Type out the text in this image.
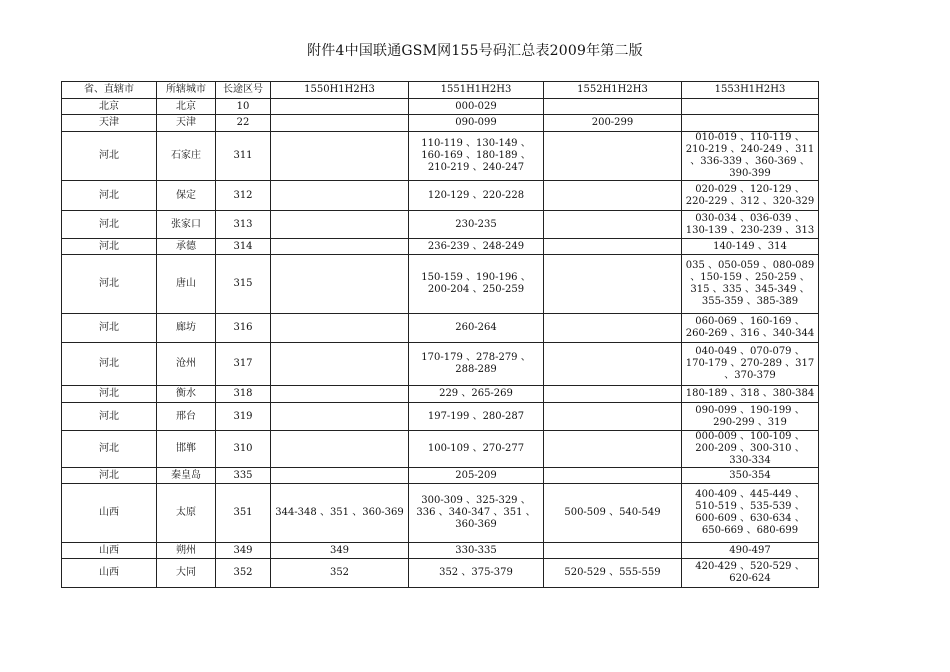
附件4中国联通GSM网155号码汇总表2009年第二版
省、直辖市	所辖城市	长途区号	1550H1H2H3	1551H1H2H3	1552H1H2H3	1553H1H2H3
北京	北京	10		000-029		
天津	天津	22		090-099	200-299	
河北	石家庄	311		110-119 、130-149 、160-169 、180-189 、210-219 、240-247		010-019 、110-119 、210-219 、240-249 、311 、336-339 、360-369 、390-399
河北	保定	312		120-129 、220-228		020-029 、120-129 、220-229 、312 、320-329
河北	张家口	313		230-235		030-034 、036-039 、130-139 、230-239 、313
河北	承德	314		236-239 、248-249		140-149 、314
河北	唐山	315		150-159 、190-196 、200-204 、250-259		035 、050-059 、080-089 、150-159 、250-259 、315 、335 、345-349 、355-359 、385-389
河北	廊坊	316		260-264		060-069 、160-169 、260-269 、316 、340-344
河北	沧州	317		170-179 、278-279 、288-289		040-049 、070-079 、170-179 、270-289 、317 、370-379
河北	衡水	318		229 、265-269		180-189 、318 、380-384
河北	邢台	319		197-199 、280-287		090-099 、190-199 、290-299 、319
河北	邯郸	310		100-109 、270-277		000-009 、100-109 、200-209 、300-310 、330-334
河北	秦皇岛	335		205-209		350-354
山西	太原	351	344-348 、351 、360-369	300-309 、325-329 、336 、340-347 、351 、360-369	500-509 、540-549	400-409 、445-449 、510-519 、535-539 、600-609 、630-634 、650-669 、680-699
山西	朔州	349	349	330-335		490-497
山西	大同	352	352	352 、375-379	520-529 、555-559	420-429 、520-529 、620-624
